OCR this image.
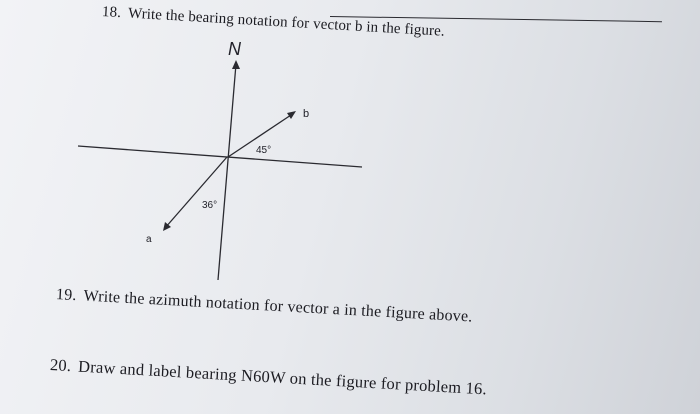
18. Write the bearing notation for vector b in the figure.
N
b
45°
a
36°
19. Write the azimuth notation for vector a in the figure above.
20. Draw and label bearing N60W on the figure for problem 16.
